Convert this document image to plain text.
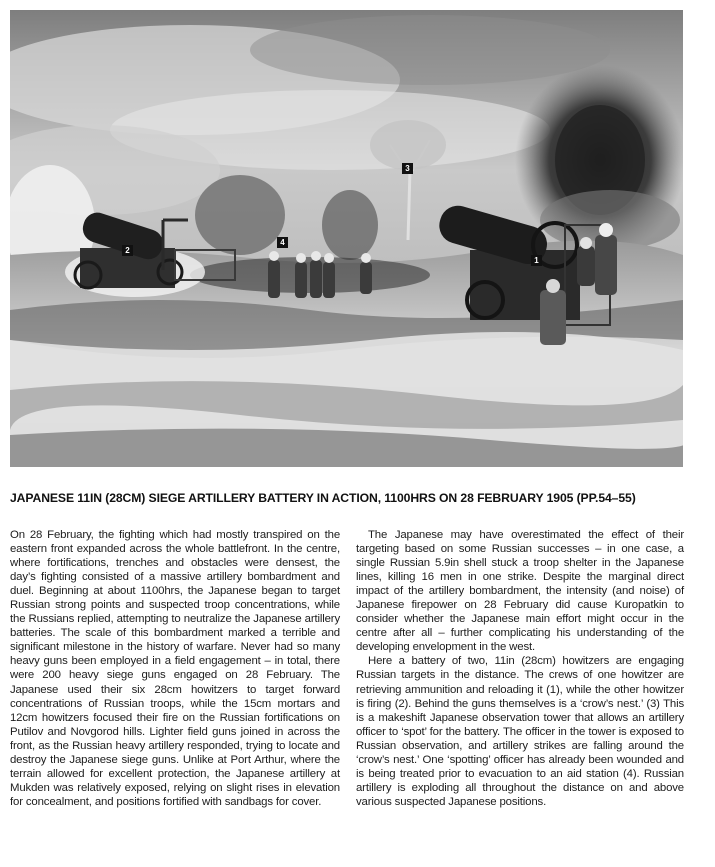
1
2
3
4
JAPANESE 11IN (28CM) SIEGE ARTILLERY BATTERY IN ACTION, 1100HRS ON 28 FEBRUARY 1905 (PP.54–55)

On 28 February, the fighting which had mostly transpired on the eastern front expanded across the whole battlefront. In the centre, where fortifications, trenches and obstacles were densest, the day’s fighting consisted of a massive artillery bombardment and duel. Beginning at about 1100hrs, the Japanese began to target Russian strong points and suspected troop concentrations, while the Russians replied, attempting to neutralize the Japanese artillery batteries. The scale of this bombardment marked a terrible and significant milestone in the history of warfare. Never had so many heavy guns been employed in a field engagement – in total, there were 200 heavy siege guns engaged on 28 February. The Japanese used their six 28cm howitzers to target forward concentrations of Russian troops, while the 15cm mortars and 12cm howitzers focused their fire on the Russian fortifications on Putilov and Novgorod hills. Lighter field guns joined in across the front, as the Russian heavy artillery responded, trying to locate and destroy the Japanese siege guns. Unlike at Port Arthur, where the terrain allowed for excellent protection, the Japanese artillery at Mukden was relatively exposed, relying on slight rises in elevation for concealment, and positions fortified with sandbags for cover.

The Japanese may have overestimated the effect of their targeting based on some Russian successes – in one case, a single Russian 5.9in shell stuck a troop shelter in the Japanese lines, killing 16 men in one strike. Despite the marginal direct impact of the artillery bombardment, the intensity (and noise) of Japanese firepower on 28 February did cause Kuropatkin to consider whether the Japanese main effort might occur in the centre after all – further complicating his understanding of the developing envelopment in the west.

Here a battery of two, 11in (28cm) howitzers are engaging Russian targets in the distance. The crews of one howitzer are retrieving ammunition and reloading it (1), while the other howitzer is firing (2). Behind the guns themselves is a ‘crow’s nest.’ (3) This is a makeshift Japanese observation tower that allows an artillery officer to ‘spot’ for the battery. The officer in the tower is exposed to Russian observation, and artillery strikes are falling around the ‘crow’s nest.’ One ‘spotting’ officer has already been wounded and is being treated prior to evacuation to an aid station (4). Russian artillery is exploding all throughout the distance on and above various suspected Japanese positions.
